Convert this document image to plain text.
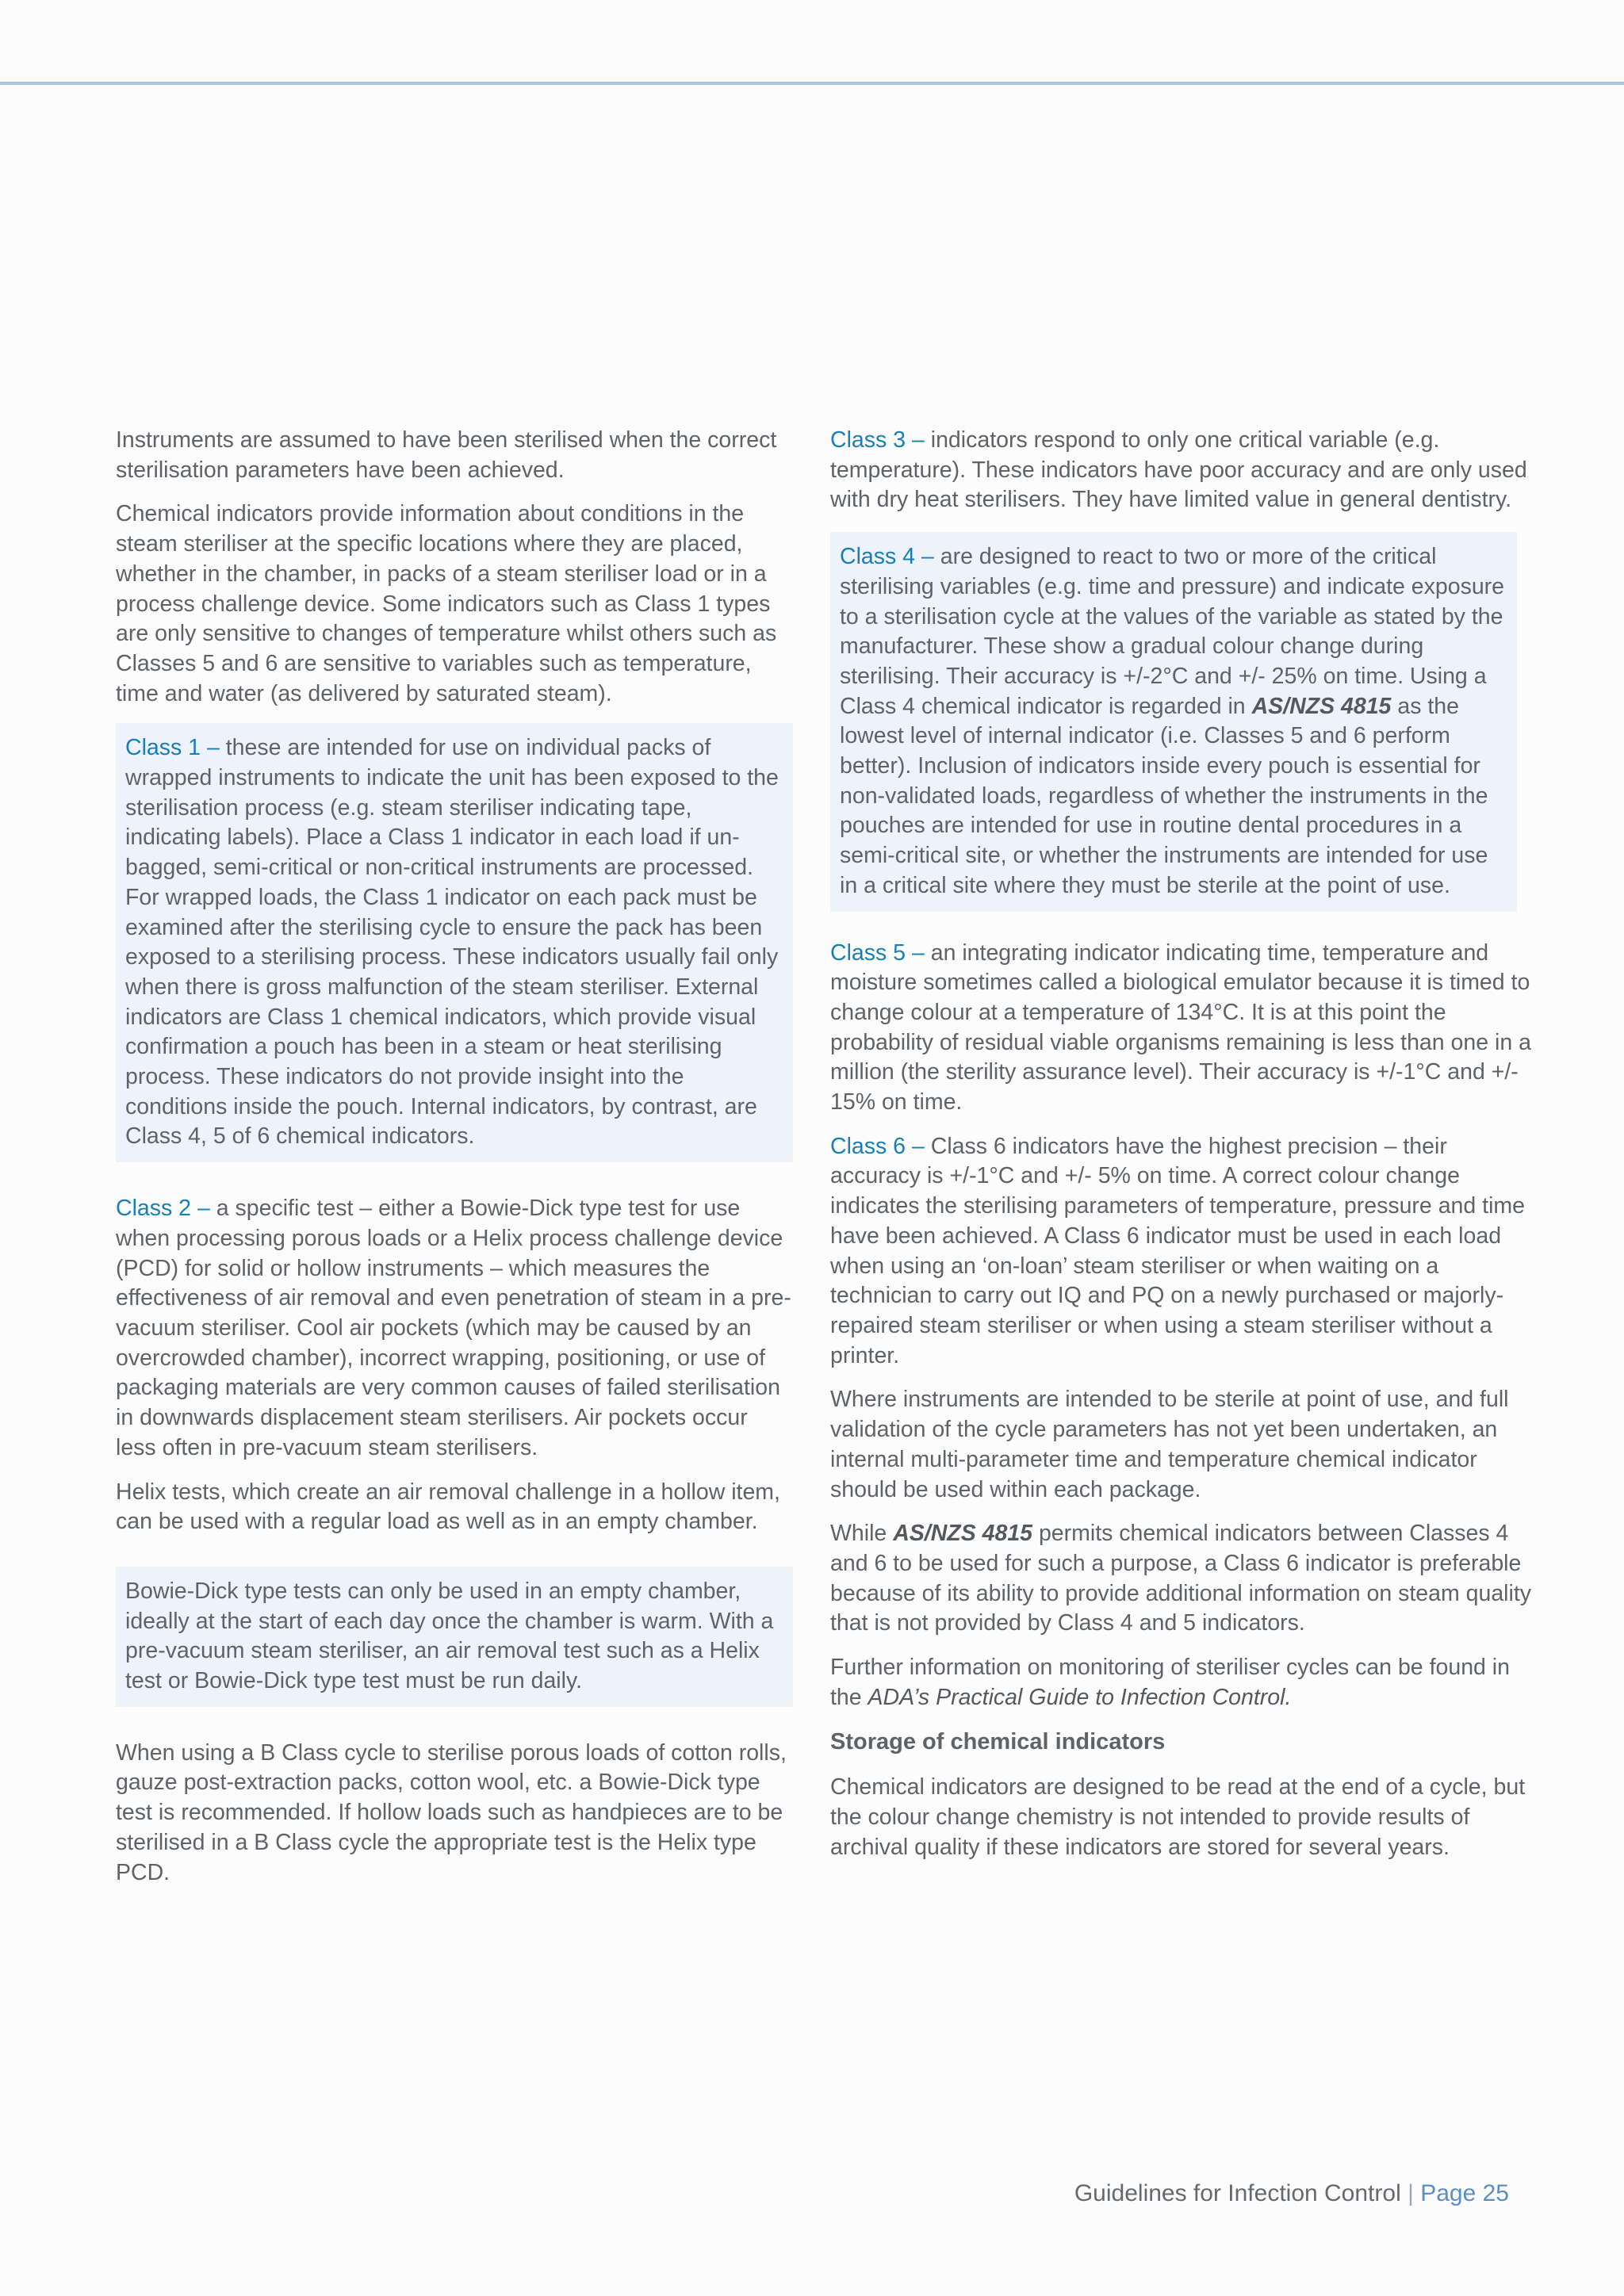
Instruments are assumed to have been sterilised when the correct sterilisation parameters have been achieved.

Chemical indicators provide information about conditions in the steam steriliser at the specific locations where they are placed, whether in the chamber, in packs of a steam steriliser load or in a process challenge device. Some indicators such as Class 1 types are only sensitive to changes of temperature whilst others such as Classes 5 and 6 are sensitive to variables such as temperature, time and water (as delivered by saturated steam).

Class 1 – these are intended for use on individual packs of wrapped instruments to indicate the unit has been exposed to the sterilisation process (e.g. steam steriliser indicating tape, indicating labels). Place a Class 1 indicator in each load if un-bagged, semi-critical or non-critical instruments are processed. For wrapped loads, the Class 1 indicator on each pack must be examined after the sterilising cycle to ensure the pack has been exposed to a sterilising process. These indicators usually fail only when there is gross malfunction of the steam steriliser. External indicators are Class 1 chemical indicators, which provide visual confirmation a pouch has been in a steam or heat sterilising process. These indicators do not provide insight into the conditions inside the pouch. Internal indicators, by contrast, are Class 4, 5 of 6 chemical indicators.

Class 2 – a specific test – either a Bowie-Dick type test for use when processing porous loads or a Helix process challenge device (PCD) for solid or hollow instruments – which measures the effectiveness of air removal and even penetration of steam in a pre-vacuum steriliser. Cool air pockets (which may be caused by an overcrowded chamber), incorrect wrapping, positioning, or use of packaging materials are very common causes of failed sterilisation in downwards displacement steam sterilisers. Air pockets occur less often in pre-vacuum steam sterilisers.

Helix tests, which create an air removal challenge in a hollow item, can be used with a regular load as well as in an empty chamber.

Bowie-Dick type tests can only be used in an empty chamber, ideally at the start of each day once the chamber is warm. With a pre-vacuum steam steriliser, an air removal test such as a Helix test or Bowie-Dick type test must be run daily.

When using a B Class cycle to sterilise porous loads of cotton rolls, gauze post-extraction packs, cotton wool, etc. a Bowie-Dick type test is recommended. If hollow loads such as handpieces are to be sterilised in a B Class cycle the appropriate test is the Helix type PCD.

Class 3 – indicators respond to only one critical variable (e.g. temperature). These indicators have poor accuracy and are only used with dry heat sterilisers. They have limited value in general dentistry.

Class 4 – are designed to react to two or more of the critical sterilising variables (e.g. time and pressure) and indicate exposure to a sterilisation cycle at the values of the variable as stated by the manufacturer. These show a gradual colour change during sterilising. Their accuracy is +/-2°C and +/- 25% on time. Using a Class 4 chemical indicator is regarded in AS/NZS 4815 as the lowest level of internal indicator (i.e. Classes 5 and 6 perform better). Inclusion of indicators inside every pouch is essential for non-validated loads, regardless of whether the instruments in the pouches are intended for use in routine dental procedures in a semi-critical site, or whether the instruments are intended for use in a critical site where they must be sterile at the point of use.

Class 5 – an integrating indicator indicating time, temperature and moisture sometimes called a biological emulator because it is timed to change colour at a temperature of 134°C. It is at this point the probability of residual viable organisms remaining is less than one in a million (the sterility assurance level). Their accuracy is +/-1°C and +/- 15% on time.

Class 6 – Class 6 indicators have the highest precision – their accuracy is +/-1°C and +/- 5% on time. A correct colour change indicates the sterilising parameters of temperature, pressure and time have been achieved. A Class 6 indicator must be used in each load when using an ‘on-loan’ steam steriliser or when waiting on a technician to carry out IQ and PQ on a newly purchased or majorly-repaired steam steriliser or when using a steam steriliser without a printer.

Where instruments are intended to be sterile at point of use, and full validation of the cycle parameters has not yet been undertaken, an internal multi-parameter time and temperature chemical indicator should be used within each package.

While AS/NZS 4815 permits chemical indicators between Classes 4 and 6 to be used for such a purpose, a Class 6 indicator is preferable because of its ability to provide additional information on steam quality that is not provided by Class 4 and 5 indicators.

Further information on monitoring of steriliser cycles can be found in the ADA’s Practical Guide to Infection Control.

Storage of chemical indicators

Chemical indicators are designed to be read at the end of a cycle, but the colour change chemistry is not intended to provide results of archival quality if these indicators are stored for several years.

Guidelines for Infection Control | Page 25
